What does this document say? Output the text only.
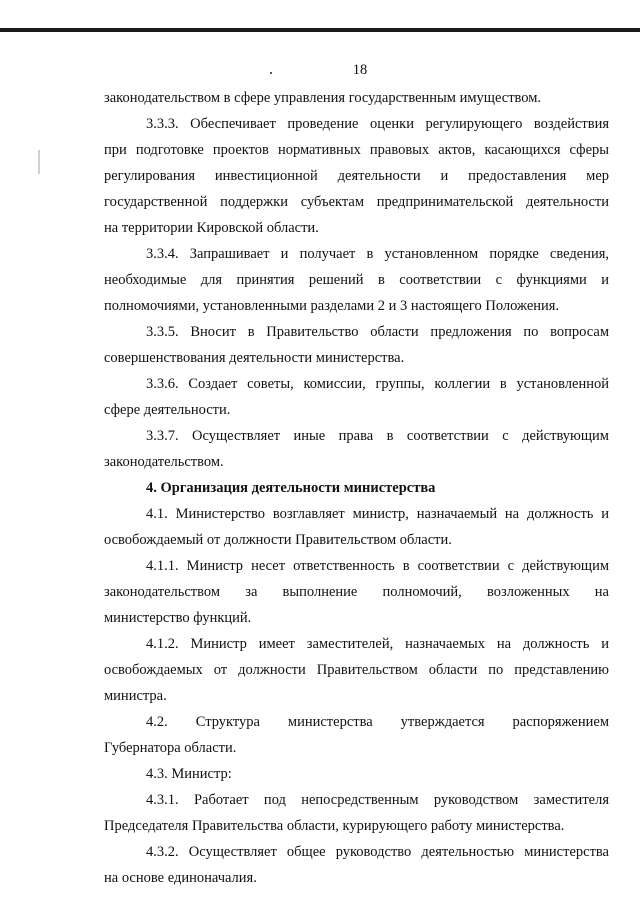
18

законодательством в сфере управления государственным имуществом.

3.3.3. Обеспечивает проведение оценки регулирующего воздействия
при подготовке проектов нормативных правовых актов, касающихся сферы
регулирования инвестиционной деятельности и предоставления мер
государственной поддержки субъектам предпринимательской деятельности
на территории Кировской области.

3.3.4. Запрашивает и получает в установленном порядке сведения,
необходимые для принятия решений в соответствии с функциями и
полномочиями, установленными разделами 2 и 3 настоящего Положения.

3.3.5. Вносит в Правительство области предложения по вопросам
совершенствования деятельности министерства.

3.3.6. Создает советы, комиссии, группы, коллегии в установленной
сфере деятельности.

3.3.7. Осуществляет иные права в соответствии с действующим
законодательством.

4. Организация деятельности министерства

4.1. Министерство возглавляет министр, назначаемый на должность и
освобождаемый от должности Правительством области.

4.1.1. Министр несет ответственность в соответствии с действующим
законодательством за выполнение полномочий, возложенных на
министерство функций.

4.1.2. Министр имеет заместителей, назначаемых на должность и
освобождаемых от должности Правительством области по представлению
министра.

4.2. Структура министерства утверждается распоряжением
Губернатора области.

4.3. Министр:

4.3.1. Работает под непосредственным руководством заместителя
Председателя Правительства области, курирующего работу министерства.

4.3.2. Осуществляет общее руководство деятельностью министерства
на основе единоначалия.
